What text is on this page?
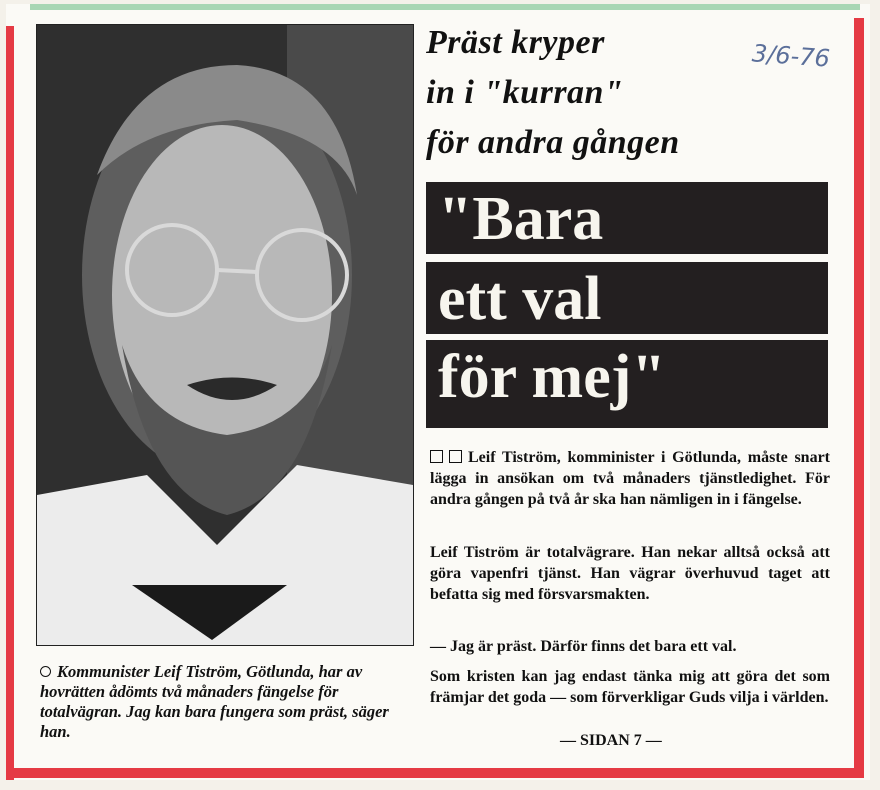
Kommunister Leif Tiström, Götlunda, har av hovrätten ådömts två månaders fängelse för totalvägran. Jag kan bara fungera som präst, säger han.
Präst kryper
in i "kurran"
för andra gången
3/6-76
"Bara
ett val
för mej"
Leif Tiström, komminister i Götlunda, måste snart lägga in ansökan om två månaders tjänstledighet. För andra gången på två år ska han nämligen in i fängelse.
Leif Tiström är totalvägrare. Han nekar alltså också att göra vapenfri tjänst. Han vägrar överhuvud taget att befatta sig med försvarsmakten.
— Jag är präst. Därför finns det bara ett val.
Som kristen kan jag endast tänka mig att göra det som främjar det goda — som förverkligar Guds vilja i världen.
— SIDAN 7 —
